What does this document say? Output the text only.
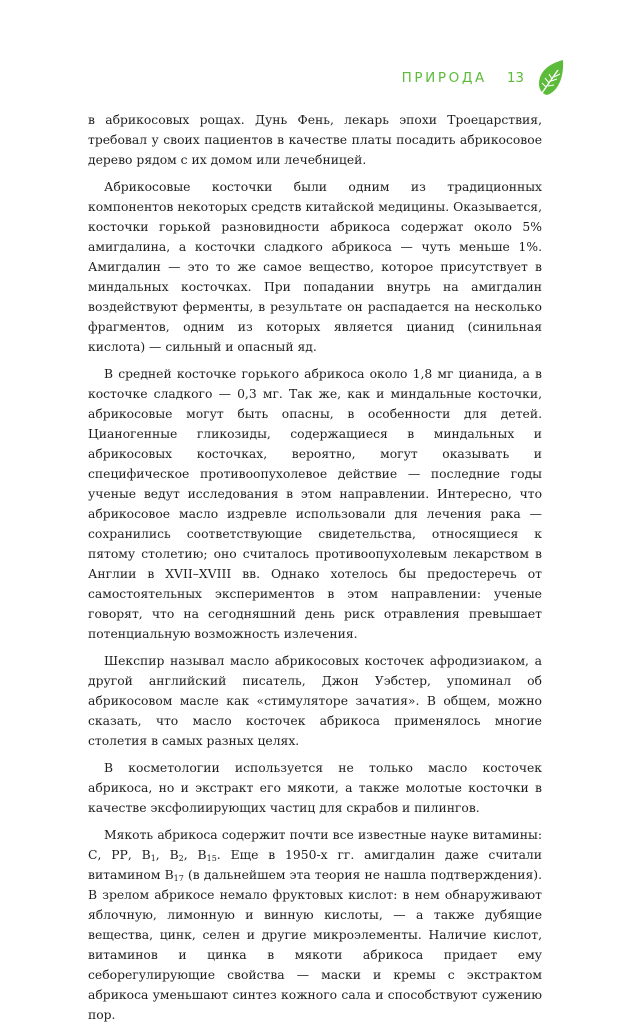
ПРИРОДА 13

в абрикосовых рощах. Дунь Фень, лекарь эпохи Троецарствия, требовал у своих пациентов в качестве платы посадить абрикосовое дерево рядом с их домом или лечебницей.

Абрикосовые косточки были одним из традиционных компонентов некоторых средств китайской медицины. Оказывается, косточки горькой разновидности абрикоса содержат около 5% амигдалина, а косточки сладкого абрикоса — чуть меньше 1%. Амигдалин — это то же самое вещество, которое присутствует в миндальных косточках. При попадании внутрь на амигдалин воздействуют ферменты, в результате он распадается на несколько фрагментов, одним из которых является цианид (синильная кислота) — сильный и опасный яд.

В средней косточке горького абрикоса около 1,8 мг цианида, а в косточке сладкого — 0,3 мг. Так же, как и миндальные косточки, абрикосовые могут быть опасны, в особенности для детей. Цианогенные гликозиды, содержащиеся в миндальных и абрикосовых косточках, вероятно, могут оказывать и специфическое противоопухолевое действие — последние годы ученые ведут исследования в этом направлении. Интересно, что абрикосовое масло издревле использовали для лечения рака — сохранились соответствующие свидетельства, относящиеся к пятому столетию; оно считалось противоопухолевым лекарством в Англии в XVII–XVIII вв. Однако хотелось бы предостеречь от самостоятельных экспериментов в этом направлении: ученые говорят, что на сегодняшний день риск отравления превышает потенциальную возможность излечения.

Шекспир называл масло абрикосовых косточек афродизиаком, а другой английский писатель, Джон Уэбстер, упоминал об абрикосовом масле как «стимуляторе зачатия». В общем, можно сказать, что масло косточек абрикоса применялось многие столетия в самых разных целях.

В косметологии используется не только масло косточек абрикоса, но и экстракт его мякоти, а также молотые косточки в качестве эксфолиирующих частиц для скрабов и пилингов.

Мякоть абрикоса содержит почти все известные науке витамины: С, РР, $B_1$, $B_2$, $B_{15}$. Еще в 1950-х гг. амигдалин даже считали витамином $B_{17}$ (в дальнейшем эта теория не нашла подтверждения). В зрелом абрикосе немало фруктовых кислот: в нем обнаруживают яблочную, лимонную и винную кислоты, — а также дубящие вещества, цинк, селен и другие микроэлементы. Наличие кислот, витаминов и цинка в мякоти абрикоса придает ему себорегулирующие свойства — маски и кремы с экстрактом абрикоса уменьшают синтез кожного сала и способствуют сужению пор.
